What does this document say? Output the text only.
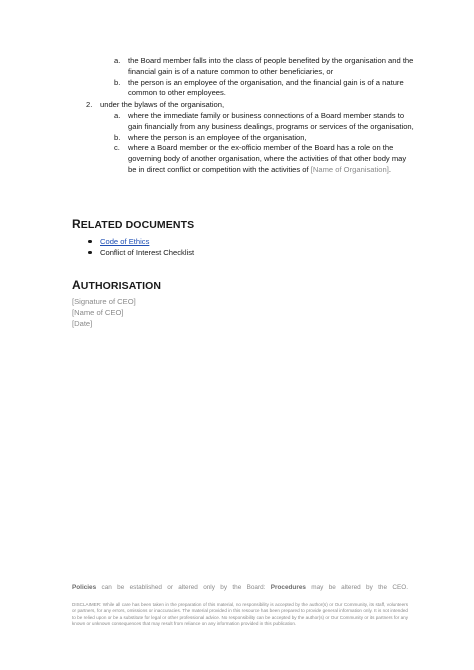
a. the Board member falls into the class of people benefited by the organisation and the financial gain is of a nature common to other beneficiaries, or
b. the person is an employee of the organisation, and the financial gain is of a nature common to other employees.
2. under the bylaws of the organisation,
a. where the immediate family or business connections of a Board member stands to gain financially from any business dealings, programs or services of the organisation,
b. where the person is an employee of the organisation,
c. where a Board member or the ex-officio member of the Board has a role on the governing body of another organisation, where the activities of that other body may be in direct conflict or competition with the activities of [Name of Organisation].
RELATED DOCUMENTS
Code of Ethics
Conflict of Interest Checklist
AUTHORISATION
[Signature of CEO]
[Name of CEO]
[Date]
Policies can be established or altered only by the Board: Procedures may be altered by the CEO.
DISCLAIMER: While all care has been taken in the preparation of this material, no responsibility is accepted by the author(s) or Our Community, its staff, volunteers or partners, for any errors, omissions or inaccuracies. The material provided in this resource has been prepared to provide general information only. It is not intended to be relied upon or be a substitute for legal or other professional advice. No responsibility can be accepted by the author(s) or Our Community or its partners for any known or unknown consequences that may result from reliance on any information provided in this publication.
